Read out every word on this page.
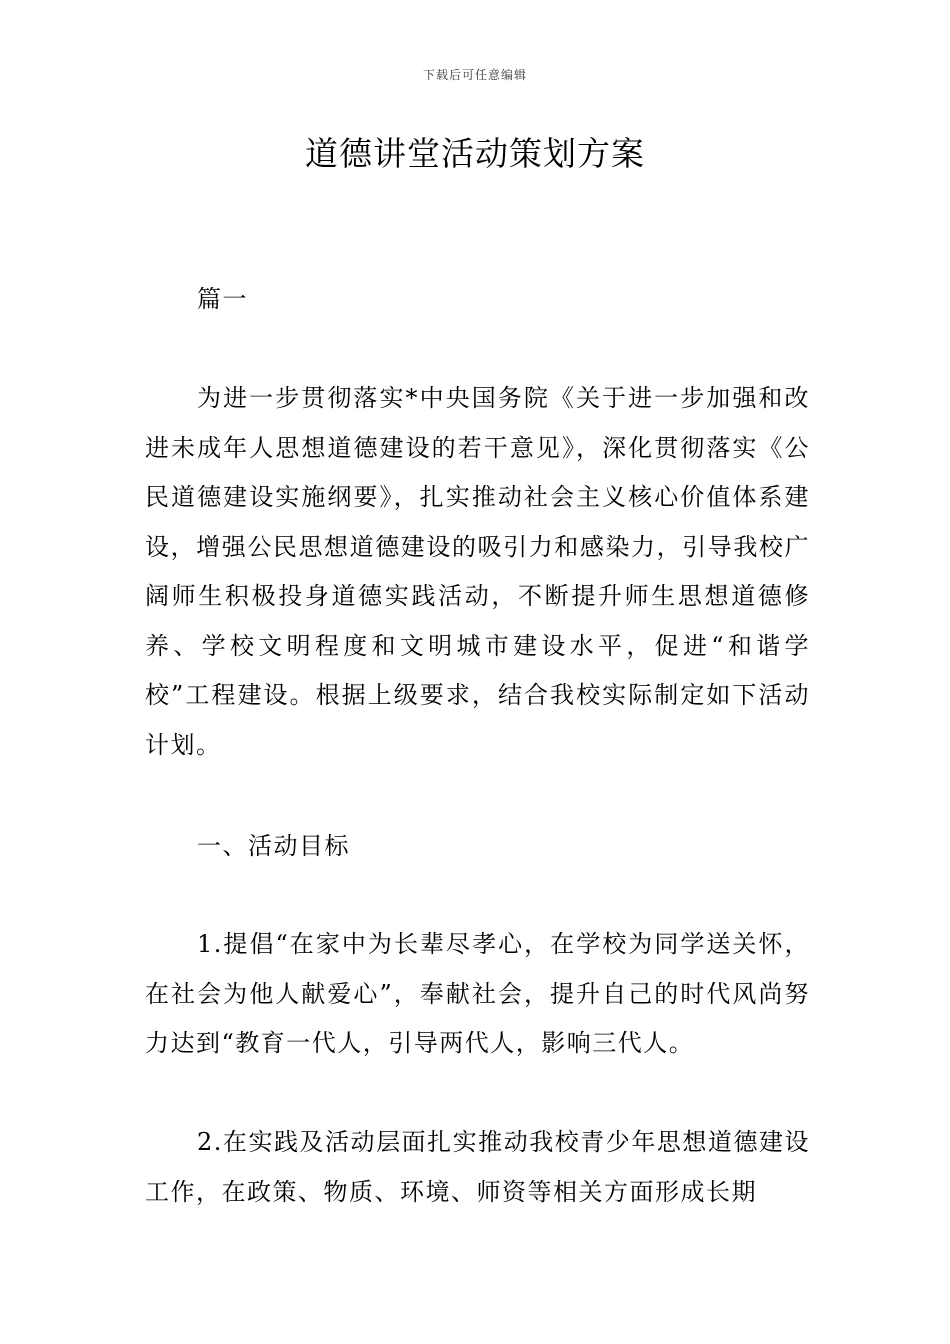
下载后可任意编辑
道德讲堂活动策划方案

篇一

为进一步贯彻落实*中央国务院《关于进一步加强和改进未成年人思想道德建设的若干意见》，深化贯彻落实《公民道德建设实施纲要》，扎实推动社会主义核心价值体系建设，增强公民思想道德建设的吸引力和感染力，引导我校广阔师生积极投身道德实践活动，不断提升师生思想道德修养、学校文明程度和文明城市建设水平，促进“和谐学校”工程建设。根据上级要求，结合我校实际制定如下活动计划。

一、活动目标

1.提倡“在家中为长辈尽孝心，在学校为同学送关怀，在社会为他人献爱心”，奉献社会，提升自己的时代风尚努力达到“教育一代人，引导两代人，影响三代人。

2.在实践及活动层面扎实推动我校青少年思想道德建设工作，在政策、物质、环境、师资等相关方面形成长期
